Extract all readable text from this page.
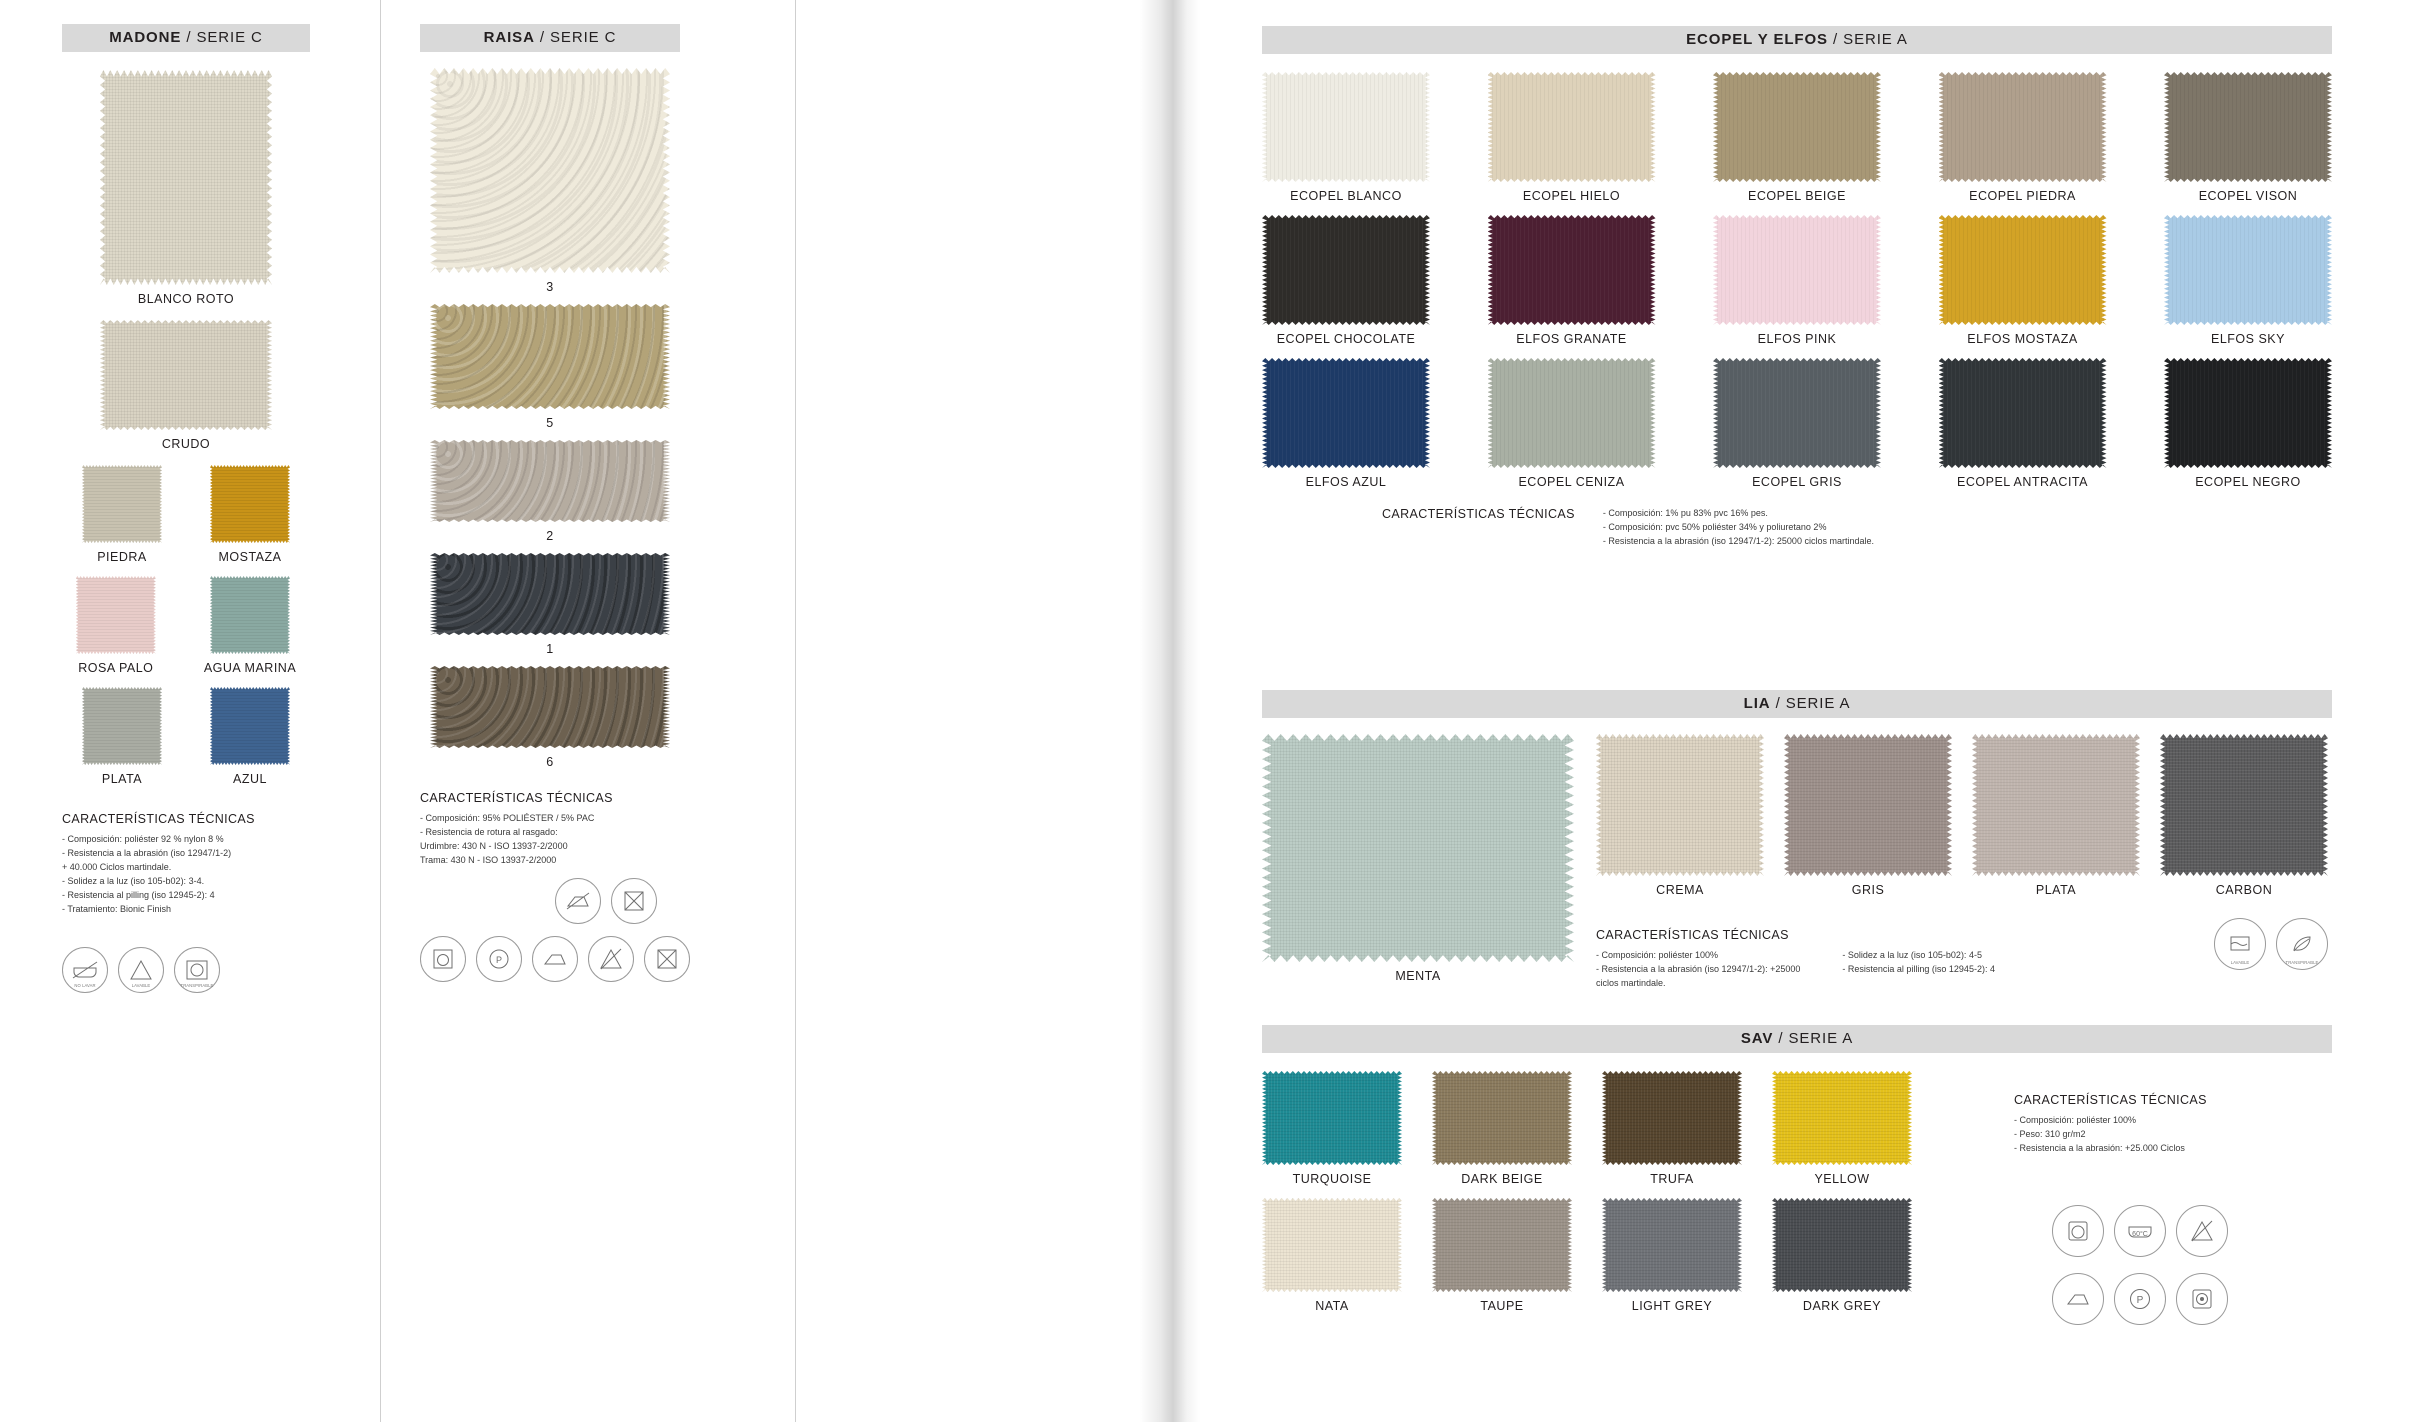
MADONE / SERIE C
BLANCO ROTO
CRUDO
PIEDRA	MOSTAZA
ROSA PALO	AGUA MARINA
PLATA	AZUL
CARACTERÍSTICAS TÉCNICAS
- Composición: poliéster 92 % nylon 8 %
- Resistencia a la abrasión (iso 12947/1-2)
+ 40.000 Ciclos martindale.
- Solidez a la luz (iso 105-b02): 3-4.
- Resistencia al pilling (iso 12945-2): 4
- Tratamiento: Bionic Finish
NO LAVAR	LAVABLE	TRANSPIRABLE
RAISA / SERIE C
3
5
2
1
6
CARACTERÍSTICAS TÉCNICAS
- Composición: 95% POLIÉSTER / 5% PAC
- Resistencia de rotura al rasgado:
Urdimbre: 430 N - ISO 13937-2/2000
Trama: 430 N - ISO 13937-2/2000
P
ECOPEL Y ELFOS / SERIE A
ECOPEL BLANCO	ECOPEL HIELO	ECOPEL BEIGE	ECOPEL PIEDRA	ECOPEL VISON
ECOPEL CHOCOLATE	ELFOS GRANATE	ELFOS PINK	ELFOS MOSTAZA	ELFOS SKY
ELFOS AZUL	ECOPEL CENIZA	ECOPEL GRIS	ECOPEL ANTRACITA	ECOPEL NEGRO
CARACTERÍSTICAS TÉCNICAS	- Composición: 1% pu 83% pvc 16% pes.
- Composición: pvc 50% poliéster 34% y poliuretano 2%
- Resistencia a la abrasión (iso 12947/1-2): 25000 ciclos martindale.
LIA / SERIE A
MENTA
CREMA	GRIS	PLATA	CARBON
CARACTERÍSTICAS TÉCNICAS
- Composición: poliéster 100%
- Resistencia a la abrasión (iso 12947/1-2): +25000
ciclos martindale.
- Solidez a la luz (iso 105-b02): 4-5
- Resistencia al pilling (iso 12945-2): 4
LAVABLE	TRANSPIRABLE
SAV / SERIE A
TURQUOISE	DARK BEIGE	TRUFA	YELLOW
NATA	TAUPE	LIGHT GREY	DARK GREY
CARACTERÍSTICAS TÉCNICAS
- Composición: poliéster 100%
- Peso: 310 gr/m2
- Resistencia a la abrasión: +25.000 Ciclos
60°C
P
